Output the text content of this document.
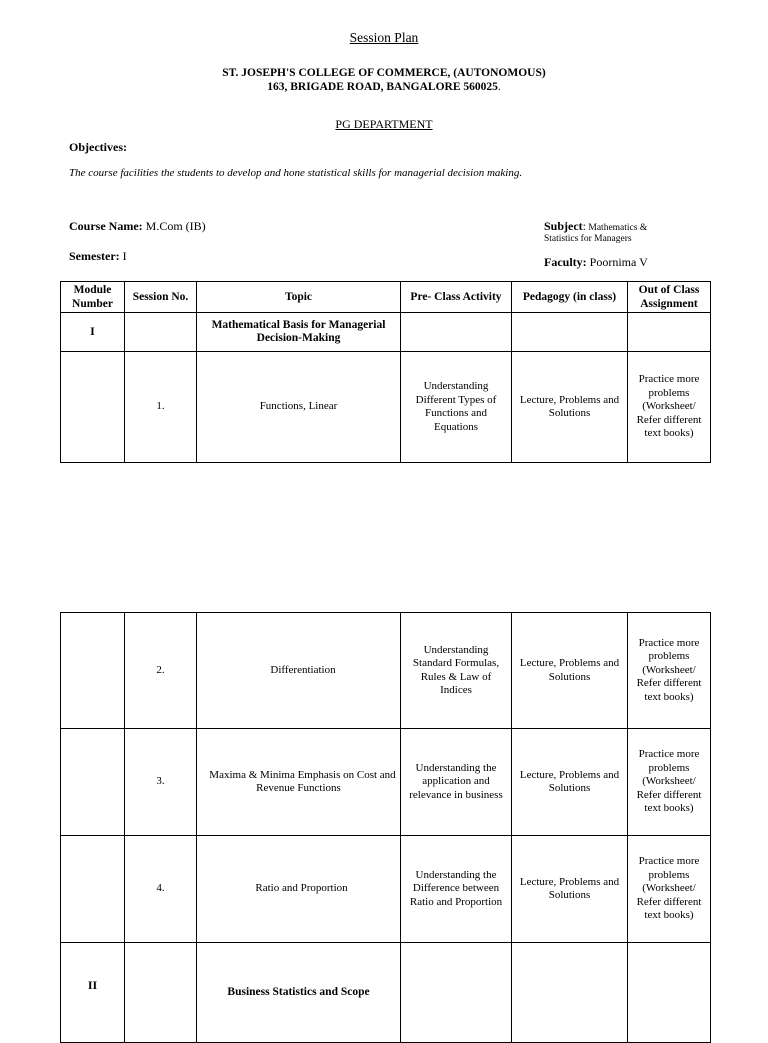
Session Plan
ST. JOSEPH'S COLLEGE OF COMMERCE, (AUTONOMOUS)
163, BRIGADE ROAD, BANGALORE 560025.
PG DEPARTMENT
Objectives:
The course facilities the students to develop and hone statistical skills for managerial decision making.
Course Name: M.Com (IB)	Subject: Mathematics &
Statistics for Managers
Semester: I	Faculty: Poornima V
Module Number	Session No.	Topic	Pre- Class Activity	Pedagogy (in class)	Out of Class Assignment
I		Mathematical Basis for Managerial Decision-Making			
	1.	Functions, Linear	Understanding Different Types of Functions and Equations	Lecture, Problems and Solutions	Practice more problems (Worksheet/ Refer different text books)
	2.	Differentiation	Understanding Standard Formulas, Rules & Law of Indices	Lecture, Problems and Solutions	Practice more problems (Worksheet/ Refer different text books)
	3.	Maxima & Minima Emphasis on Cost and Revenue Functions	Understanding the application and relevance in business	Lecture, Problems and Solutions	Practice more problems (Worksheet/ Refer different text books)
	4.	Ratio and Proportion	Understanding the Difference between Ratio and Proportion	Lecture, Problems and Solutions	Practice more problems (Worksheet/ Refer different text books)
II		Business Statistics and Scope			
